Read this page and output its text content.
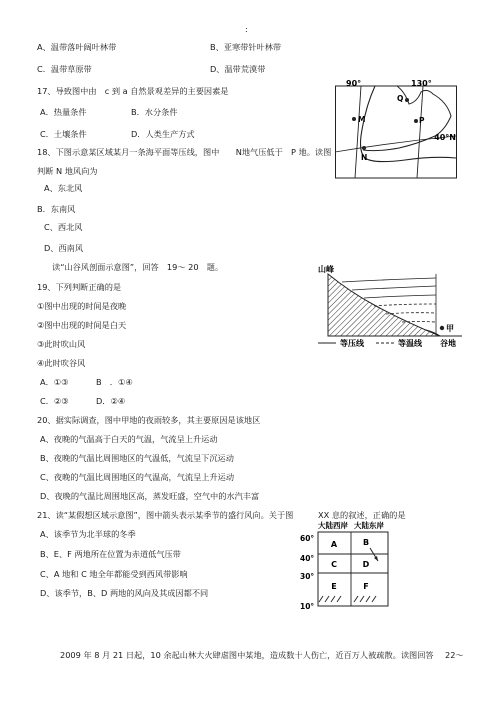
:
A、温带落叶阔叶林带	B、亚寒带针叶林带
C．温带草原带	D、温带荒漠带
17、导致图中由　c 到 a 自然景观差异的主要因素是
A．热量条件	B．水分条件
C．土壤条件	D．人类生产方式
18、下图示意某区域某月一条海平面等压线，图中　　N地气压低于　P 地。读图
判断 N 地风向为
A、东北风
B．东南风
C、西北风
D、西南风
读“山谷风剖面示意图”，回答　19～ 20　题。
19、下列判断正确的是
①图中出现的时间是夜晚
②图中出现的时间是白天
③此时吹山风
④此时吹谷风
A．①③	B　．①④
C．②③	D．②④
20、据实际调查，图中甲地的夜雨较多，其主要原因是该地区
A、夜晚的气温高于白天的气温，气流呈上升运动
B、夜晚的气温比周围地区的气温低，气流呈下沉运动
C、夜晚的气温比周围地区的气温高，气流呈上升运动
D、夜晚的气温比周围地区高，蒸发旺盛，空气中的水汽丰富
21、读“某假想区域示意图”，图中箭头表示某季节的盛行风向。关于图	XX 息的叙述，正确的是
A、该季节为北半球的冬季
B、E、F 两地所在位置为赤道低气压带
C、A 地和 C 地全年都能受到西风带影响
D、该季节，B、D 两地的风向及其成因都不同
2009 年 8 月 21 日起，10 余起山林大火肆虐图中某地，造成数十人伤亡，近百万人被疏散。读图回答 22～
90°	130°
40°N
M
Q
P
N
山峰
甲
谷地
等压线	等温线
大陆西岸 大陆东岸
60°
40°
30°
10°
A	B
C	D
E	F
